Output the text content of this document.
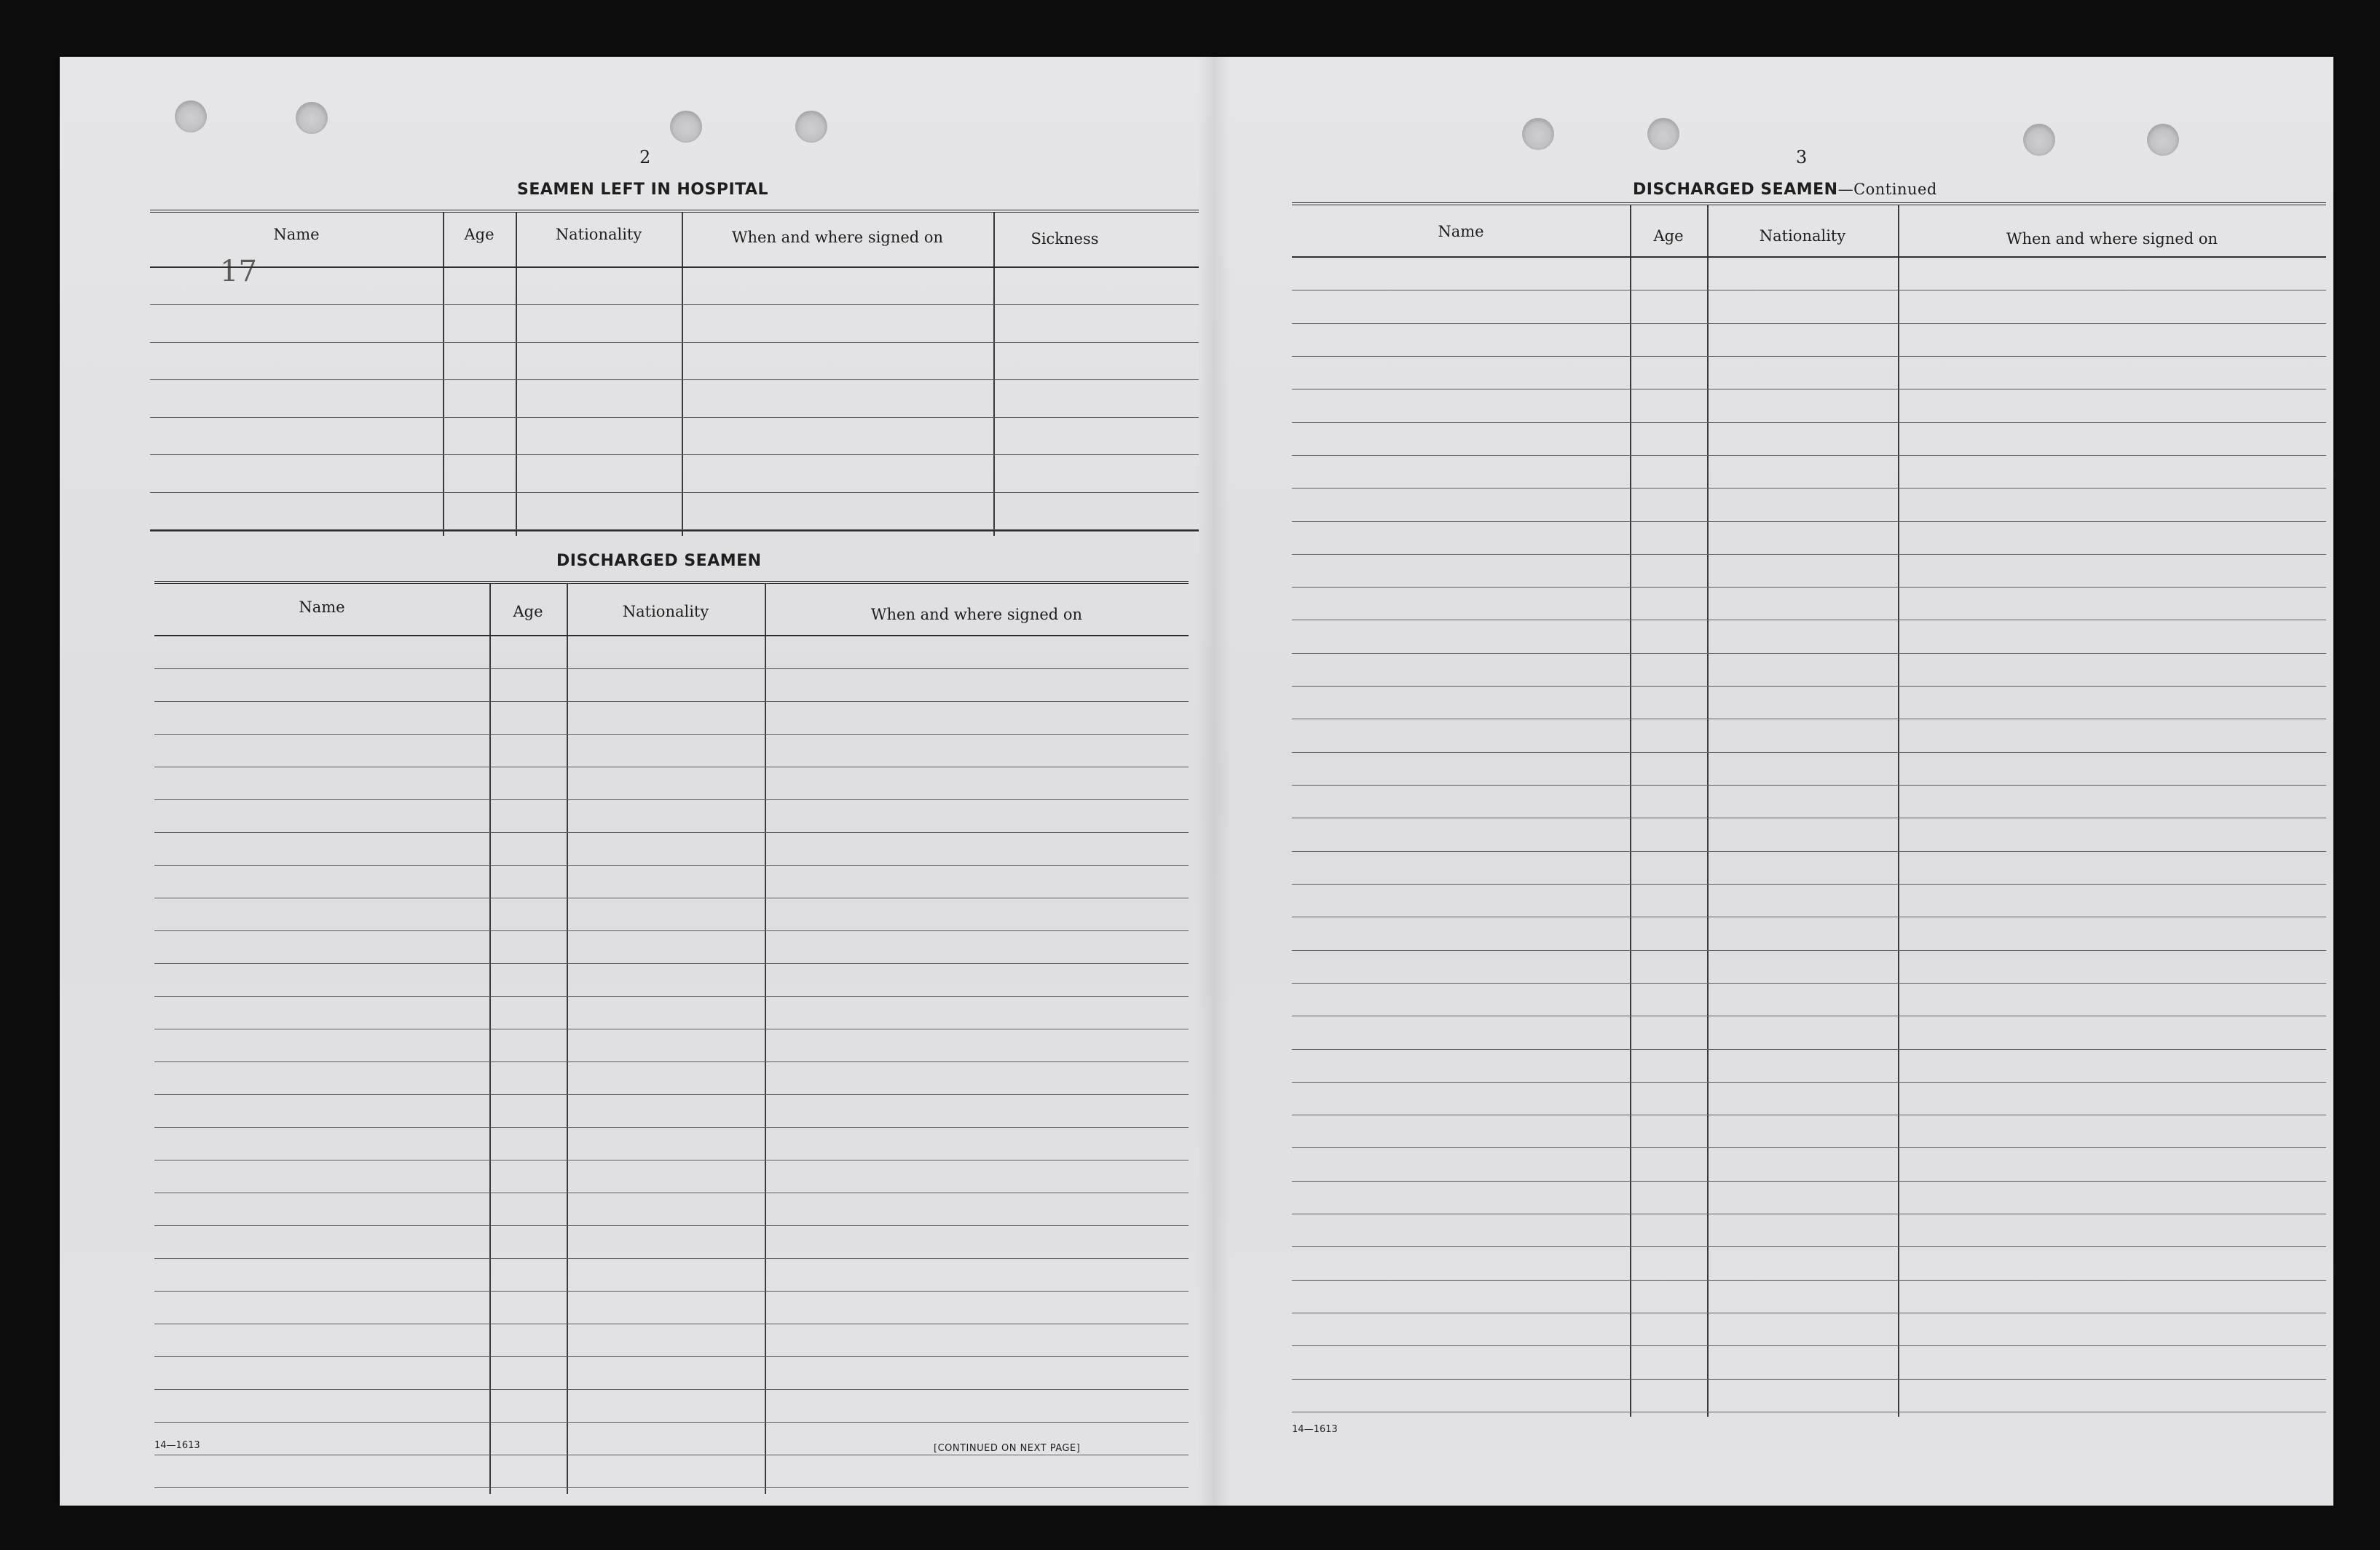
2
17
SEAMEN LEFT IN HOSPITAL
Name	Age	Nationality	When and where signed on	Sickness
DISCHARGED SEAMEN
Name	Age	Nationality	When and where signed on
14—1613	[CONTINUED ON NEXT PAGE]
3
DISCHARGED SEAMEN—Continued
Name	Age	Nationality	When and where signed on
14—1613
